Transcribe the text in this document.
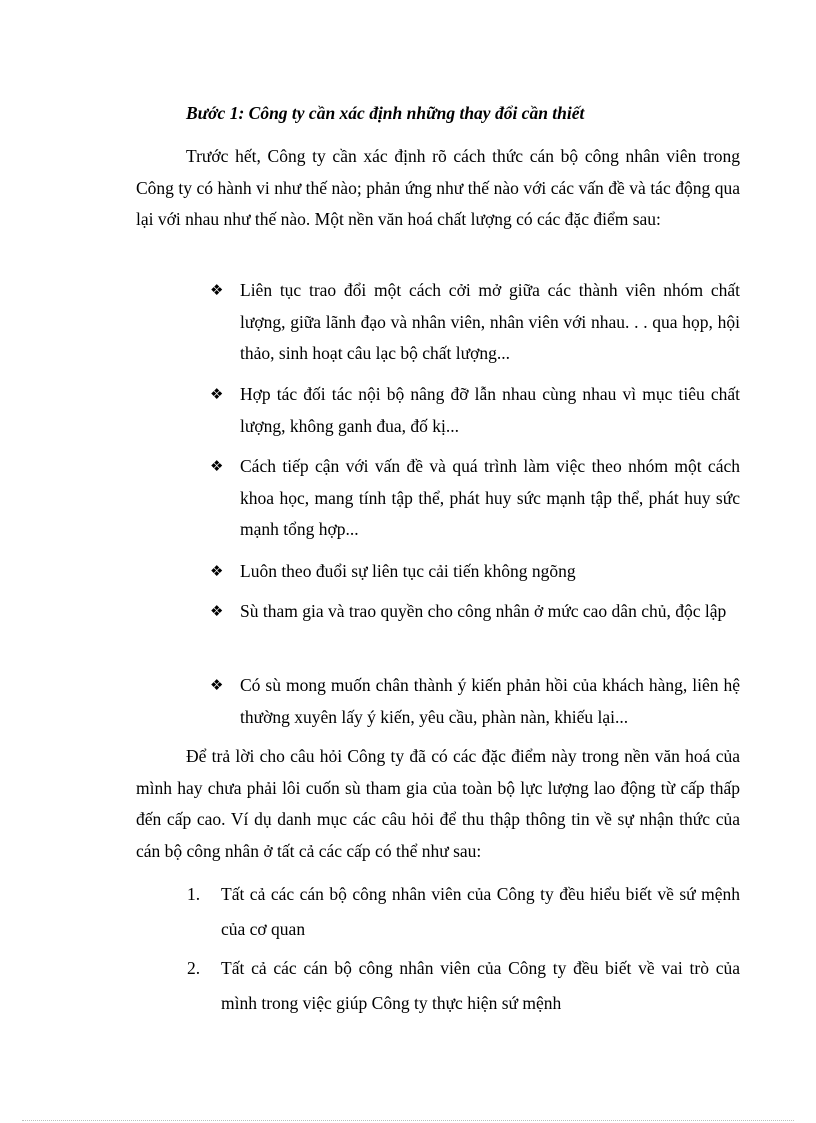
Bước 1: Công ty cần xác định những thay đổi cần thiết

Trước hết, Công ty cần xác định rõ cách thức cán bộ công nhân viên trong Công ty có hành vi như thế nào; phản ứng như thế nào với các vấn đề và tác động qua lại với nhau như thế nào. Một nền văn hoá chất lượng có các đặc điểm sau:

❖ Liên tục trao đổi một cách cởi mở giữa các thành viên nhóm chất lượng, giữa lãnh đạo và nhân viên, nhân viên với nhau. . . qua họp, hội thảo, sinh hoạt câu lạc bộ chất lượng...
❖ Hợp tác đối tác nội bộ nâng đỡ lẫn nhau cùng nhau vì mục tiêu chất lượng, không ganh đua, đố kị...
❖ Cách tiếp cận với vấn đề và quá trình làm việc theo nhóm một cách khoa học, mang tính tập thể, phát huy sức mạnh tập thể, phát huy sức mạnh tổng hợp...
❖ Luôn theo đuổi sự liên tục cải tiến không ngõng
❖ Sù tham gia và trao quyền cho công nhân ở mức cao dân chủ, độc lập
❖ Có sù mong muốn chân thành ý kiến phản hồi của khách hàng, liên hệ thường xuyên lấy ý kiến, yêu cầu, phàn nàn, khiếu lại...

Để trả lời cho câu hỏi Công ty đã có các đặc điểm này trong nền văn hoá của mình hay chưa phải lôi cuốn sù tham gia của toàn bộ lực lượng lao động từ cấp thấp đến cấp cao. Ví dụ danh mục các câu hỏi để thu thập thông tin về sự nhận thức của cán bộ công nhân ở tất cả các cấp có thể như sau:

1. Tất cả các cán bộ công nhân viên của Công ty đều hiểu biết về sứ mệnh của cơ quan
2. Tất cả các cán bộ công nhân viên của Công ty đều biết về vai trò của mình trong việc giúp Công ty thực hiện sứ mệnh
